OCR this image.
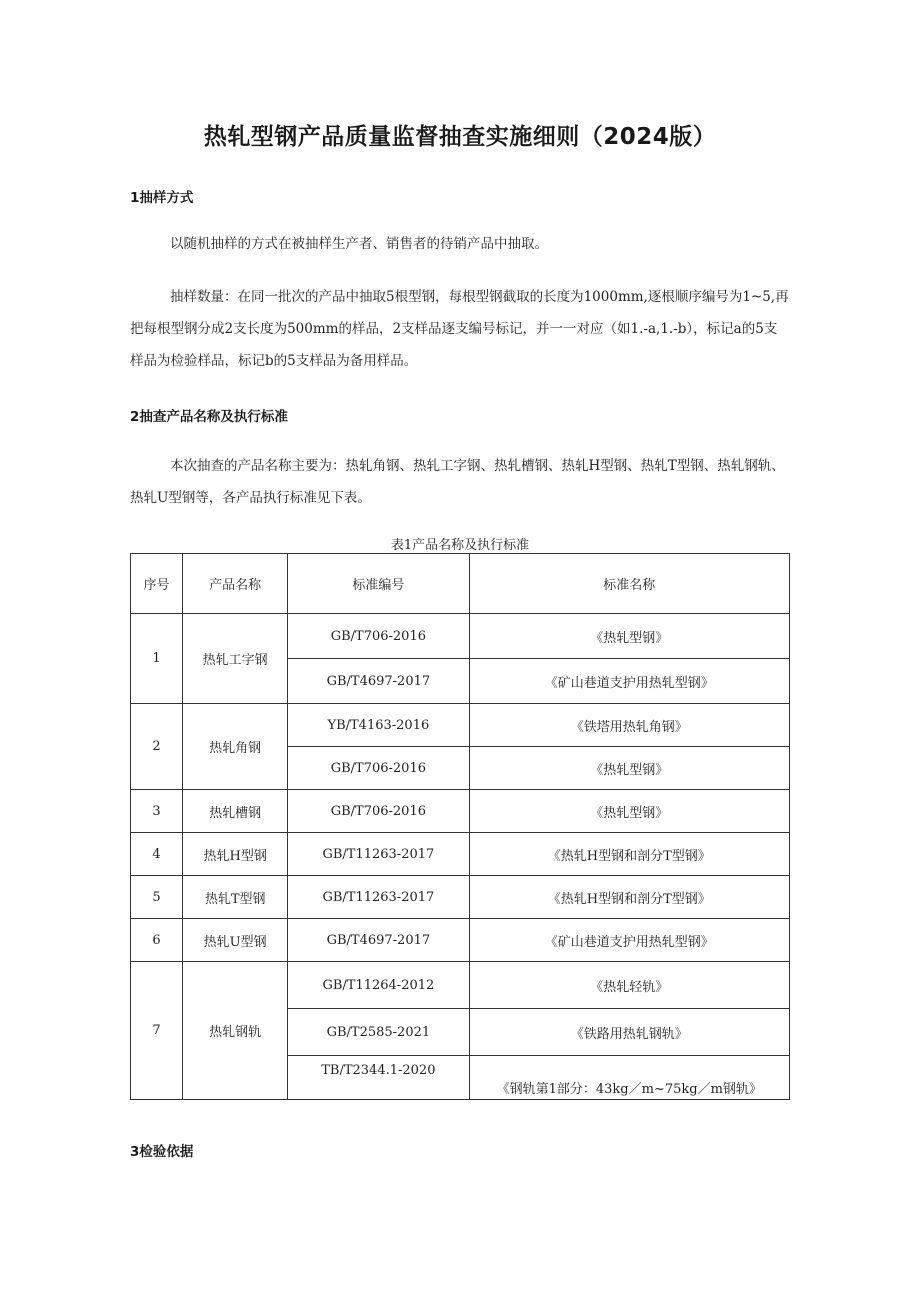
热轧型钢产品质量监督抽查实施细则（2024版）
1抽样方式
以随机抽样的方式在被抽样生产者、销售者的待销产品中抽取。
抽样数量：在同一批次的产品中抽取5根型钢，每根型钢截取的长度为1000mm,逐根顺序编号为1~5,再把每根型钢分成2支长度为500mm的样品，2支样品逐支编号标记，并一一对应（如1.-a,1.-b），标记a的5支样品为检验样品，标记b的5支样品为备用样品。
2抽查产品名称及执行标准
本次抽查的产品名称主要为：热轧角钢、热轧工字钢、热轧槽钢、热轧H型钢、热轧T型钢、热轧钢轨、热轧U型钢等，各产品执行标准见下表。
表1产品名称及执行标准
序号	产品名称	标准编号	标准名称
1	热轧工字钢	GB/T706-2016	《热轧型钢》
		GB/T4697-2017	《矿山巷道支护用热轧型钢》
2	热轧角钢	YB/T4163-2016	《铁塔用热轧角钢》
		GB/T706-2016	《热轧型钢》
3	热轧槽钢	GB/T706-2016	《热轧型钢》
4	热轧H型钢	GB/T11263-2017	《热轧H型钢和剖分T型钢》
5	热轧T型钢	GB/T11263-2017	《热轧H型钢和剖分T型钢》
6	热轧U型钢	GB/T4697-2017	《矿山巷道支护用热轧型钢》
7	热轧钢轨	GB/T11264-2012	《热轧轻轨》
		GB/T2585-2021	《铁路用热轧钢轨》
		TB/T2344.1-2020	《钢轨第1部分：43kg／m~75kg／m钢轨》
3检验依据
